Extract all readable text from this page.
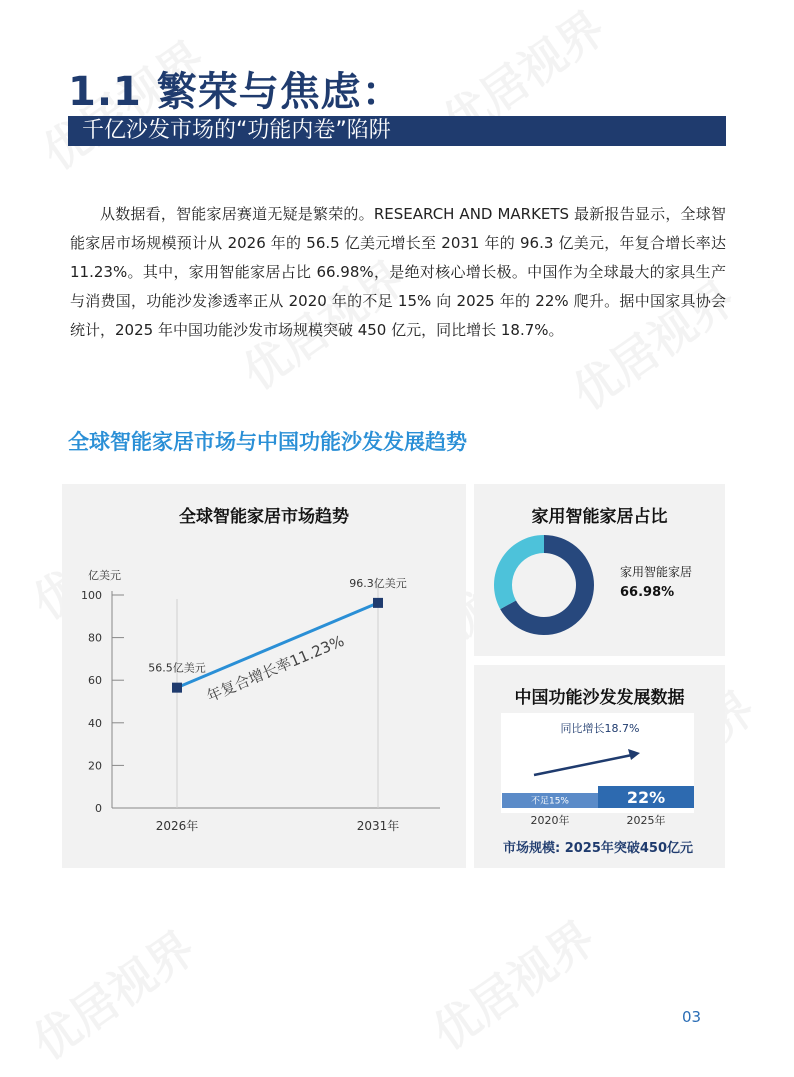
1.1 繁荣与焦虑：
千亿沙发市场的“功能内卷”陷阱

从数据看，智能家居赛道无疑是繁荣的。RESEARCH AND MARKETS 最新报告显示，全球智能家居市场规模预计从 2026 年的 56.5 亿美元增长至 2031 年的 96.3 亿美元，年复合增长率达 11.23%。其中，家用智能家居占比 66.98%，是绝对核心增长极。中国作为全球最大的家具生产与消费国，功能沙发渗透率正从 2020 年的不足 15% 向 2025 年的 22% 爬升。据中国家具协会统计，2025 年中国功能沙发市场规模突破 450 亿元，同比增长 18.7%。

全球智能家居市场与中国功能沙发发展趋势
全球智能家居市场趋势
亿美元
0
20
40
60
80
100
2026年	2031年
56.5亿美元
96.3亿美元
年复合增长率11.23%
家用智能家居占比
家用智能家居
66.98%
中国功能沙发发展数据
同比增长18.7%
不足15%
2020年
22%
2025年
市场规模: 2025年突破450亿元
03
